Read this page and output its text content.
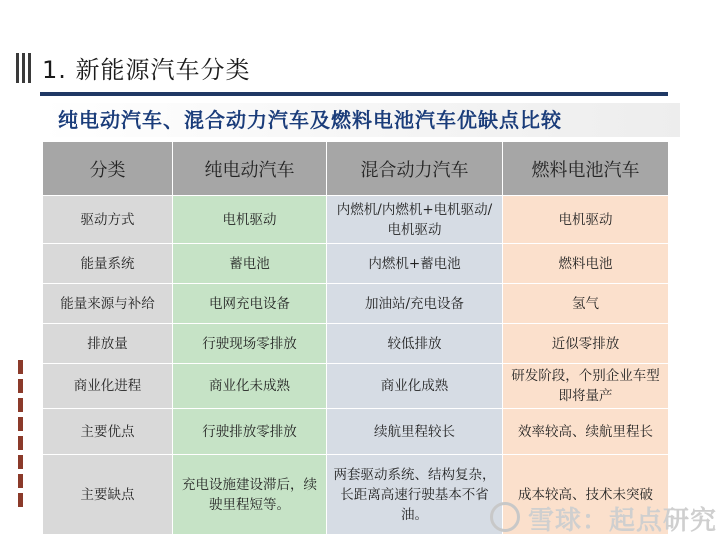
1. 新能源汽车分类
纯电动汽车、混合动力汽车及燃料电池汽车优缺点比较
分类	纯电动汽车	混合动力汽车	燃料电池汽车
驱动方式	电机驱动	内燃机/内燃机+电机驱动/电机驱动	电机驱动
能量系统	蓄电池	内燃机+蓄电池	燃料电池
能量来源与补给	电网充电设备	加油站/充电设备	氢气
排放量	行驶现场零排放	较低排放	近似零排放
商业化进程	商业化未成熟	商业化成熟	研发阶段，个别企业车型即将量产
主要优点	行驶排放零排放	续航里程较长	效率较高、续航里程长
主要缺点	充电设施建设滞后，续驶里程短等。	两套驱动系统、结构复杂，长距离高速行驶基本不省油。	成本较高、技术未突破
雪球：起点研究
